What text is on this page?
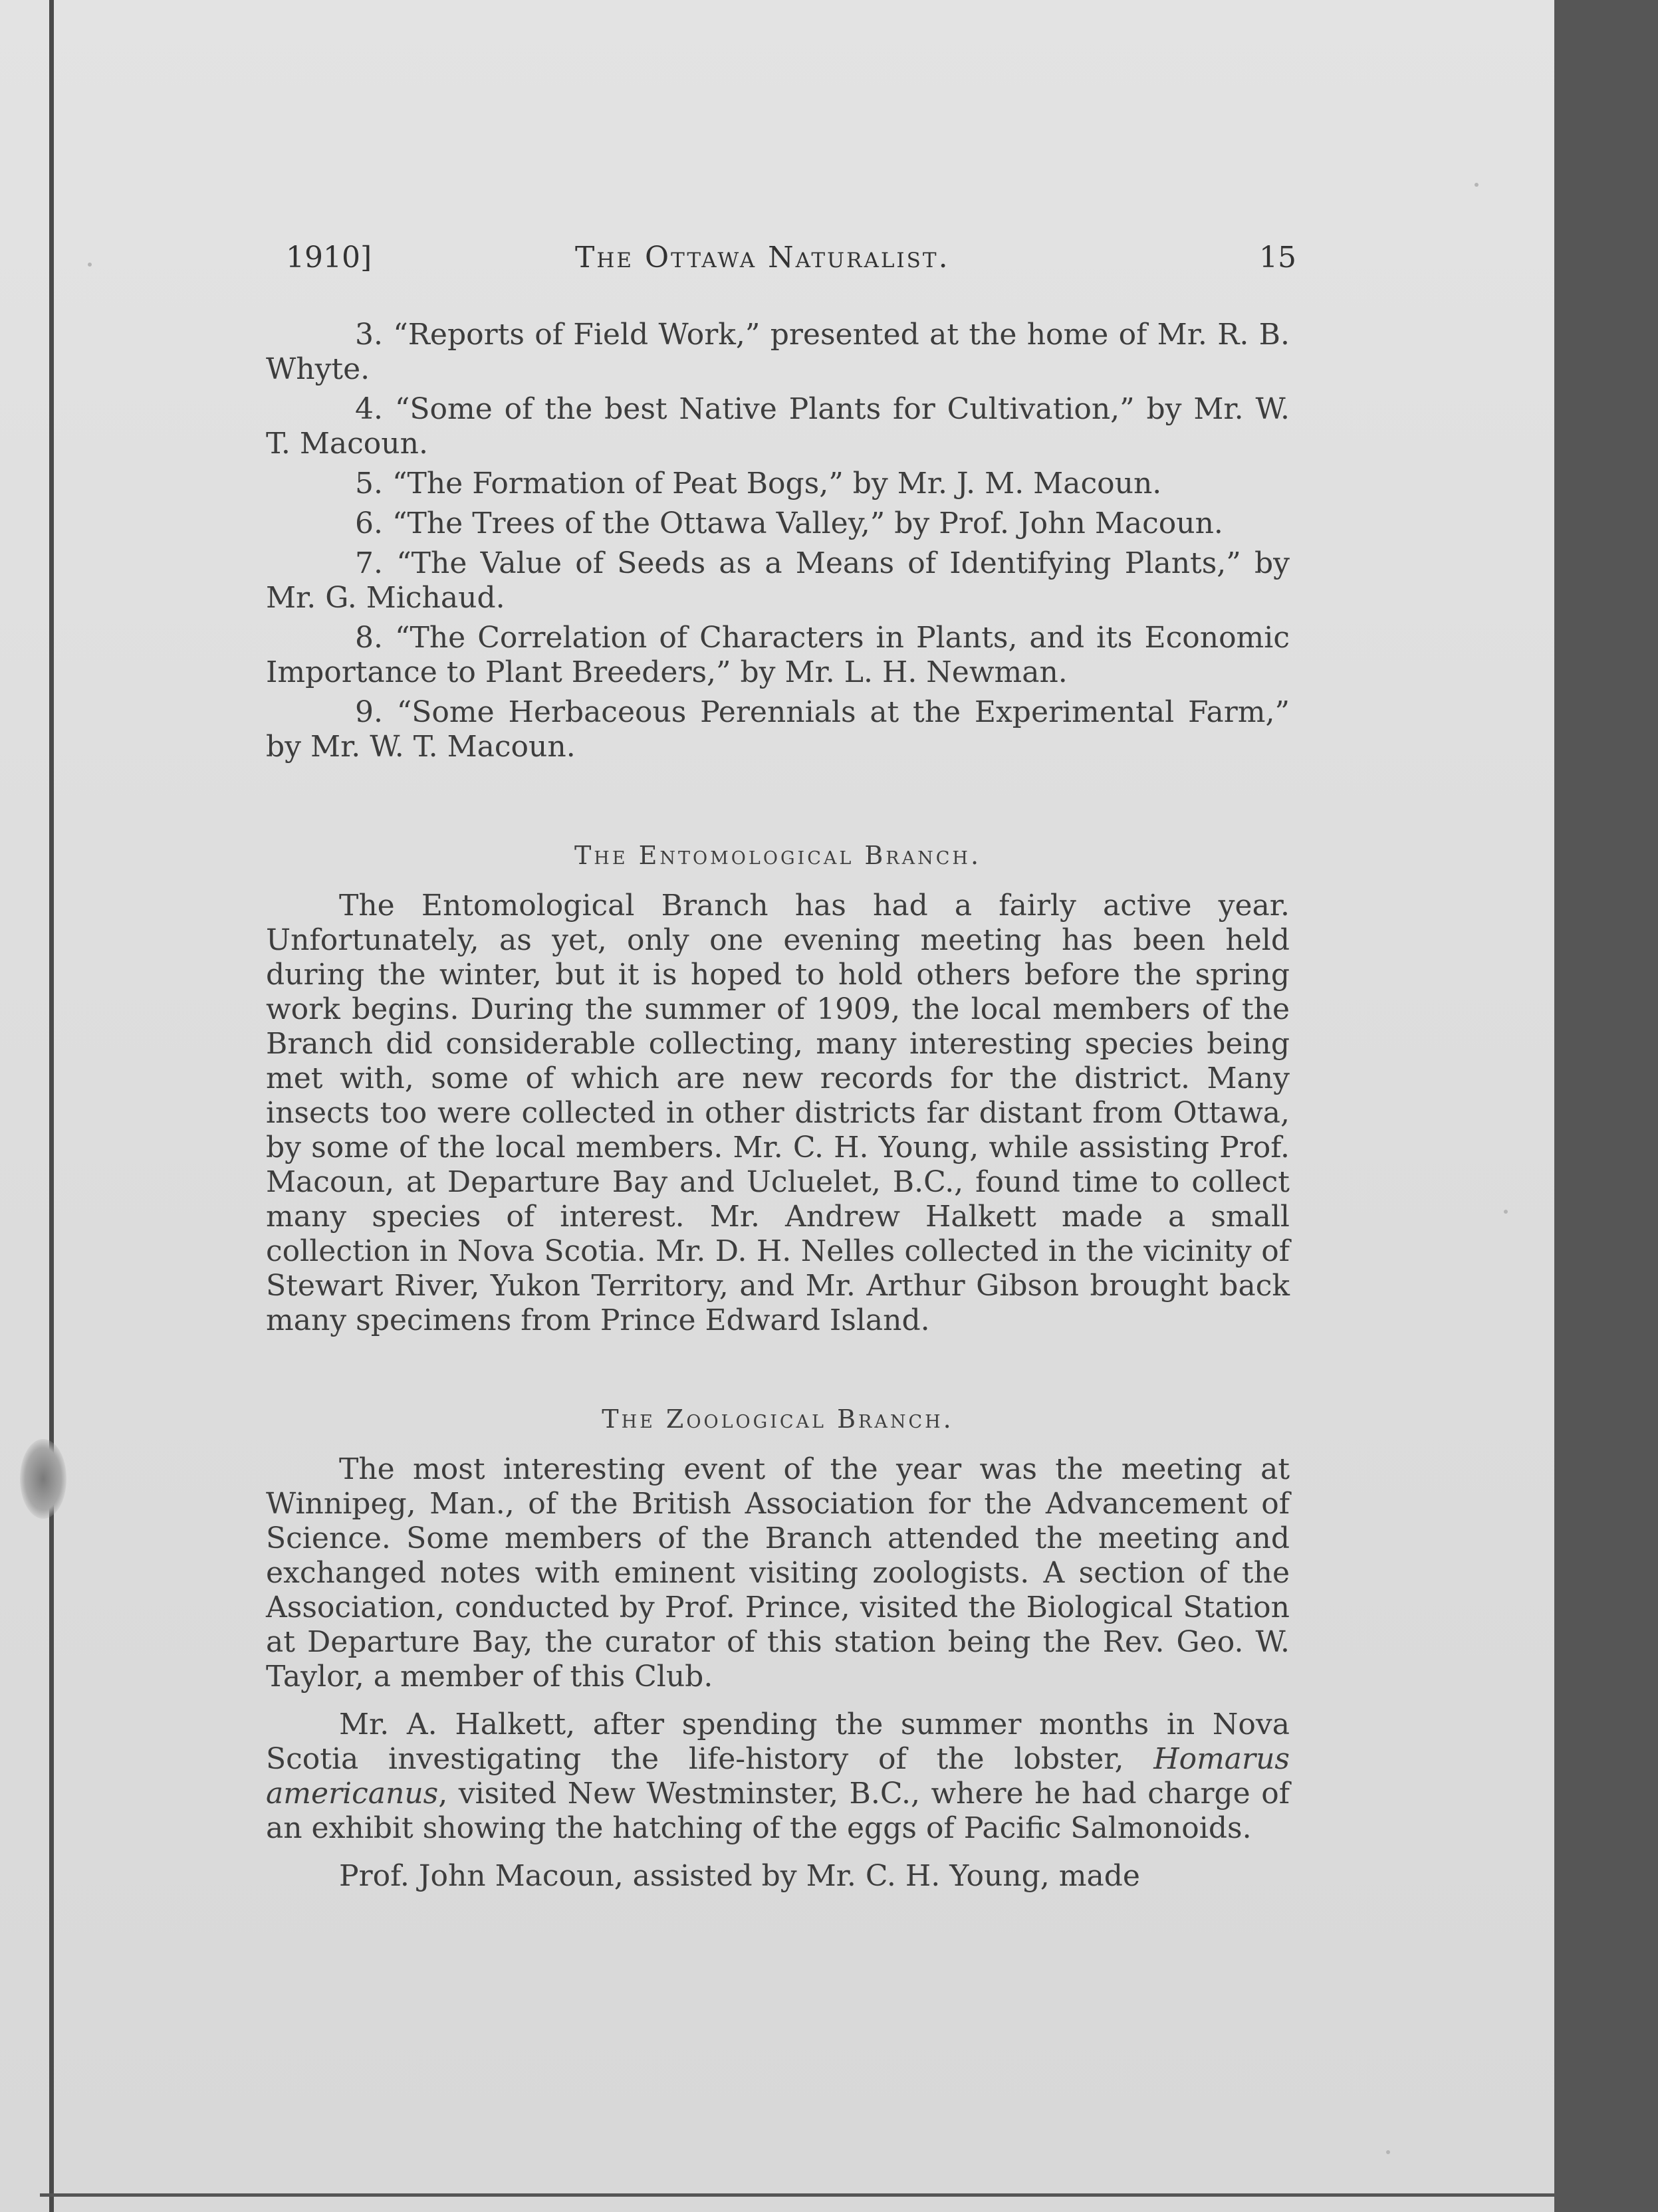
1910]	The Ottawa Naturalist.	15

3. “Reports of Field Work,” presented at the home of Mr. R. B. Whyte.

4. “Some of the best Native Plants for Cultivation,” by Mr. W. T. Macoun.

5. “The Formation of Peat Bogs,” by Mr. J. M. Macoun.

6. “The Trees of the Ottawa Valley,” by Prof. John Macoun.

7. “The Value of Seeds as a Means of Identifying Plants,” by Mr. G. Michaud.

8. “The Correlation of Characters in Plants, and its Economic Importance to Plant Breeders,” by Mr. L. H. Newman.

9. “Some Herbaceous Perennials at the Experimental Farm,” by Mr. W. T. Macoun.

The Entomological Branch.

The Entomological Branch has had a fairly active year. Unfortunately, as yet, only one evening meeting has been held during the winter, but it is hoped to hold others before the spring work begins. During the summer of 1909, the local members of the Branch did considerable collecting, many interesting species being met with, some of which are new records for the district. Many insects too were collected in other districts far distant from Ottawa, by some of the local members. Mr. C. H. Young, while assisting Prof. Macoun, at Departure Bay and Ucluelet, B.C., found time to collect many species of interest. Mr. Andrew Halkett made a small collection in Nova Scotia. Mr. D. H. Nelles collected in the vicinity of Stewart River, Yukon Territory, and Mr. Arthur Gibson brought back many specimens from Prince Edward Island.

The Zoological Branch.

The most interesting event of the year was the meeting at Winnipeg, Man., of the British Association for the Advancement of Science. Some members of the Branch attended the meeting and exchanged notes with eminent visiting zoologists. A section of the Association, conducted by Prof. Prince, visited the Biological Station at Departure Bay, the curator of this station being the Rev. Geo. W. Taylor, a member of this Club.

Mr. A. Halkett, after spending the summer months in Nova Scotia investigating the life-history of the lobster, Homarus americanus, visited New Westminster, B.C., where he had charge of an exhibit showing the hatching of the eggs of Pacific Salmonoids.

Prof. John Macoun, assisted by Mr. C. H. Young, made
